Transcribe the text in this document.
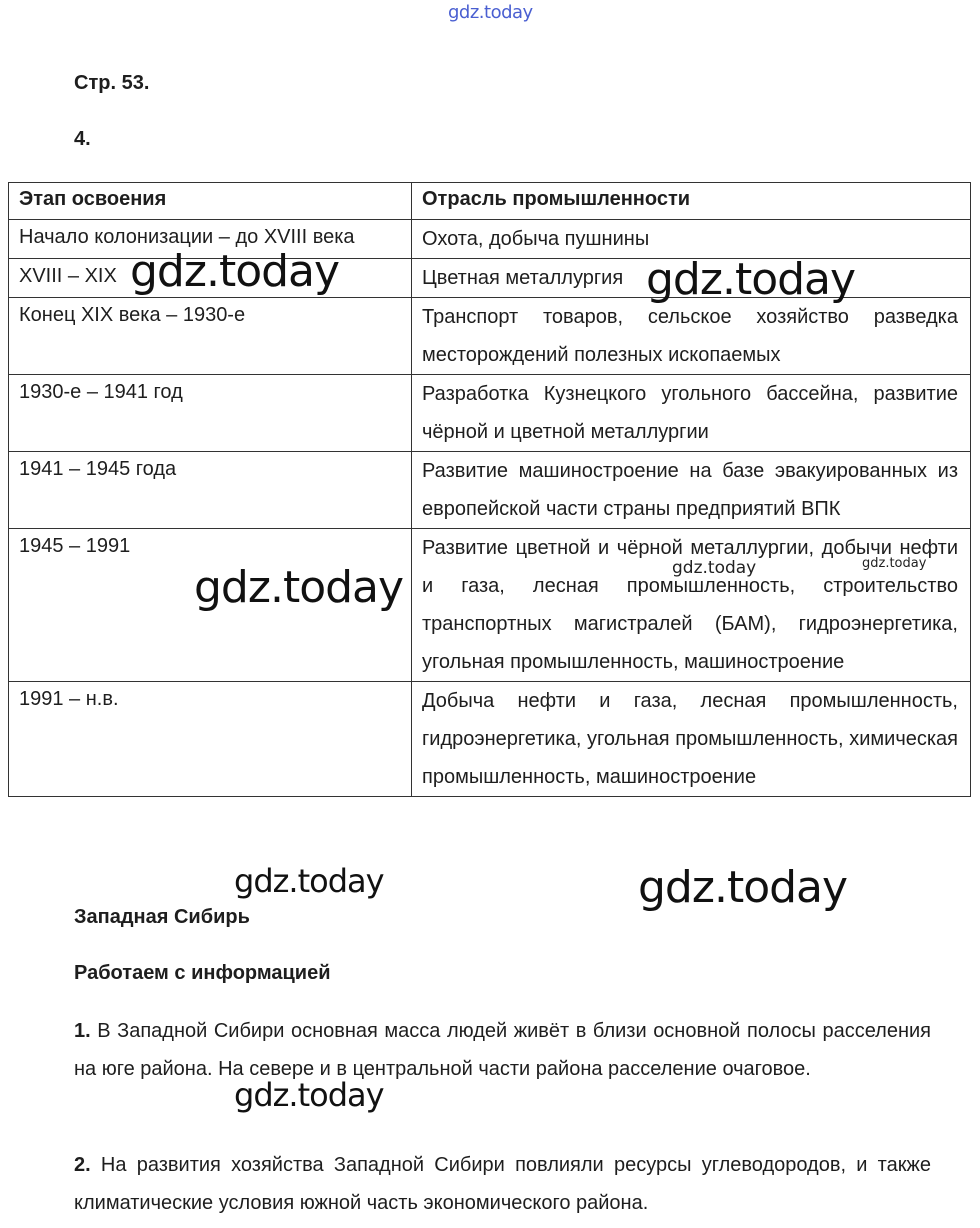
gdz.today

Стр. 53.

4.

Этап освоения	Отрасль промышленности
Начало колонизации – до XVIII века	Охота, добыча пушнины
XVIII – XIX	Цветная металлургия
Конец XIX века – 1930-е	Транспорт товаров, сельское хозяйство разведка месторождений полезных ископаемых
1930-е – 1941 год	Разработка Кузнецкого угольного бассейна, развитие чёрной и цветной металлургии
1941 – 1945 года	Развитие машиностроение на базе эвакуированных из европейской части страны предприятий ВПК
1945 – 1991	Развитие цветной и чёрной металлургии, добычи нефти и газа, лесная промышленность, строительство транспортных магистралей (БАМ), гидроэнергетика, угольная промышленность, машиностроение
1991 – н.в.	Добыча нефти и газа, лесная промышленность, гидроэнергетика, угольная промышленность, химическая промышленность, машиностроение

Западная Сибирь

Работаем с информацией

1. В Западной Сибири основная масса людей живёт в близи основной полосы расселения на юге района. На севере и в центральной части района расселение очаговое.

2. На развития хозяйства Западной Сибири повлияли ресурсы углеводородов, и также климатические условия южной часть экономического района.

gdz.today	gdz.today
gdz.today	gdz.today	gdz.today
gdz.today	gdz.today
gdz.today
